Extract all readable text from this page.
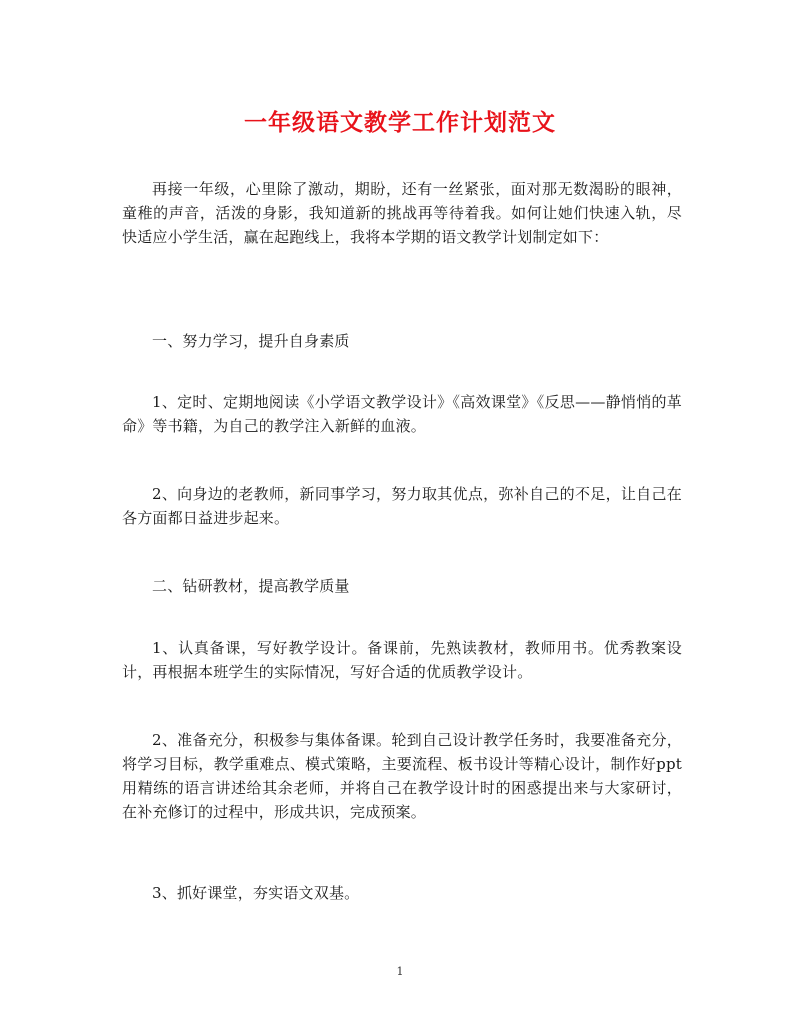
一年级语文教学工作计划范文

再接一年级，心里除了激动，期盼，还有一丝紧张，面对那无数渴盼的眼神，童稚的声音，活泼的身影，我知道新的挑战再等待着我。如何让她们快速入轨，尽快适应小学生活，赢在起跑线上，我将本学期的语文教学计划制定如下：

一、努力学习，提升自身素质

1、定时、定期地阅读《小学语文教学设计》《高效课堂》《反思——静悄悄的革命》等书籍，为自己的教学注入新鲜的血液。

2、向身边的老教师，新同事学习，努力取其优点，弥补自己的不足，让自己在各方面都日益进步起来。

二、钻研教材，提高教学质量

1、认真备课，写好教学设计。备课前，先熟读教材，教师用书。优秀教案设计，再根据本班学生的实际情况，写好合适的优质教学设计。

2、准备充分，积极参与集体备课。轮到自己设计教学任务时，我要准备充分，将学习目标，教学重难点、模式策略，主要流程、板书设计等精心设计，制作好ppt用精练的语言讲述给其余老师，并将自己在教学设计时的困惑提出来与大家研讨，在补充修订的过程中，形成共识，完成预案。

3、抓好课堂，夯实语文双基。

1
